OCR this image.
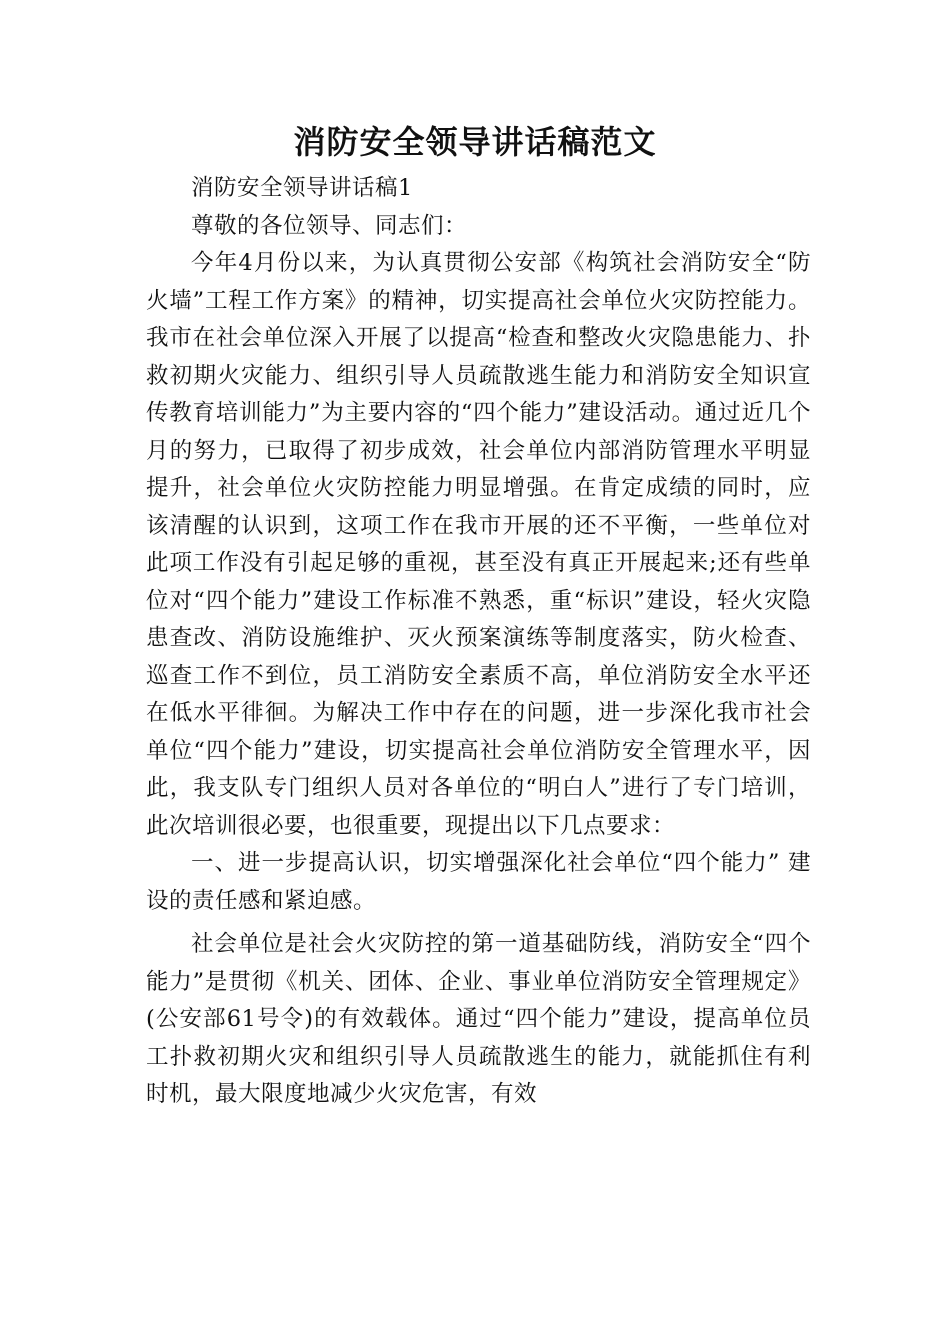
消防安全领导讲话稿范文

消防安全领导讲话稿1

尊敬的各位领导、同志们：

今年4月份以来，为认真贯彻公安部《构筑社会消防安全“防火墙”工程工作方案》的精神，切实提高社会单位火灾防控能力。我市在社会单位深入开展了以提高“检查和整改火灾隐患能力、扑救初期火灾能力、组织引导人员疏散逃生能力和消防安全知识宣传教育培训能力”为主要内容的“四个能力”建设活动。通过近几个月的努力，已取得了初步成效，社会单位内部消防管理水平明显提升，社会单位火灾防控能力明显增强。在肯定成绩的同时，应该清醒的认识到，这项工作在我市开展的还不平衡，一些单位对此项工作没有引起足够的重视，甚至没有真正开展起来;还有些单位对“四个能力”建设工作标准不熟悉，重“标识”建设，轻火灾隐患查改、消防设施维护、灭火预案演练等制度落实，防火检查、巡查工作不到位，员工消防安全素质不高，单位消防安全水平还在低水平徘徊。为解决工作中存在的问题，进一步深化我市社会单位“四个能力”建设，切实提高社会单位消防安全管理水平，因此，我支队专门组织人员对各单位的“明白人”进行了专门培训，此次培训很必要，也很重要，现提出以下几点要求：

一、进一步提高认识，切实增强深化社会单位“四个能力” 建设的责任感和紧迫感。

社会单位是社会火灾防控的第一道基础防线，消防安全“四个能力”是贯彻《机关、团体、企业、事业单位消防安全管理规定》(公安部61号令)的有效载体。通过“四个能力”建设，提高单位员工扑救初期火灾和组织引导人员疏散逃生的能力，就能抓住有利时机，最大限度地减少火灾危害，有效
